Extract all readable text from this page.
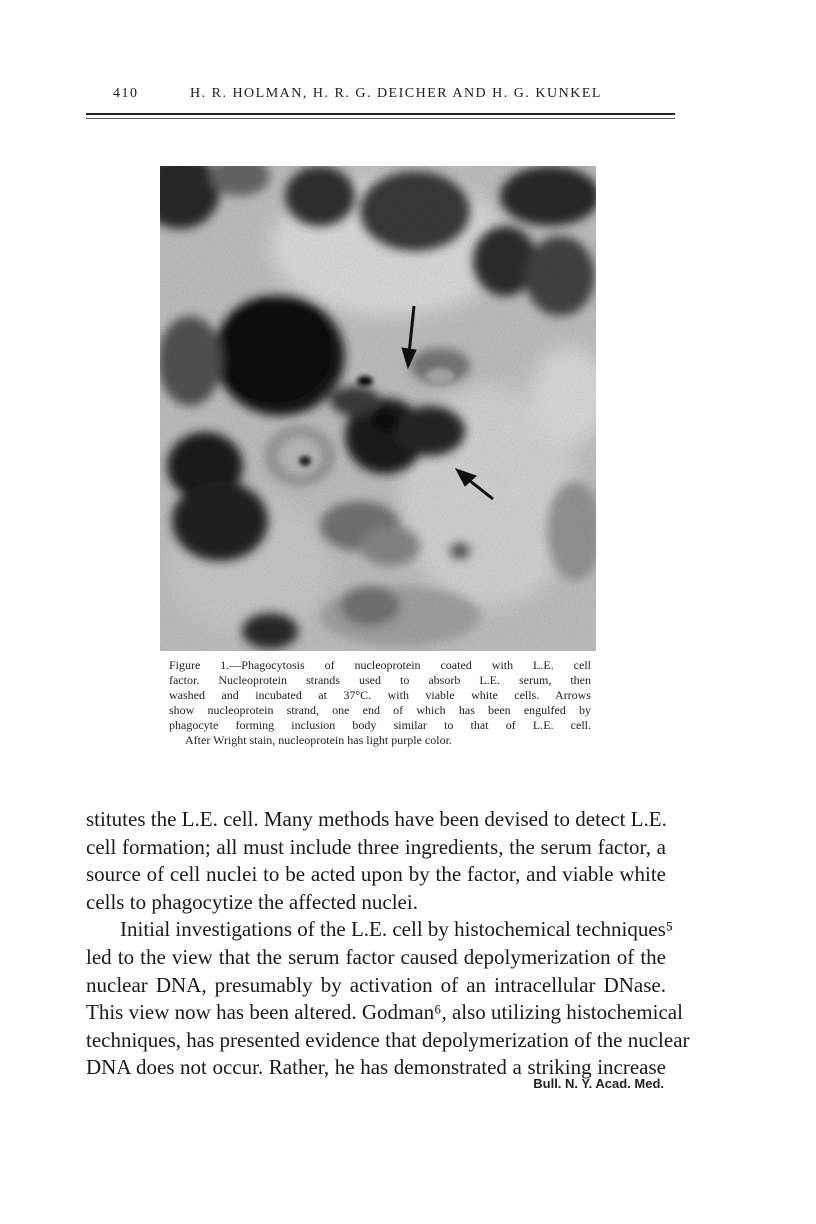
410	H. R. HOLMAN, H. R. G. DEICHER AND H. G. KUNKEL
Figure 1.—Phagocytosis of nucleoprotein coated with L.E. cell
factor. Nucleoprotein strands used to absorb L.E. serum, then
washed and incubated at 37°C. with viable white cells. Arrows
show nucleoprotein strand, one end of which has been engulfed by
phagocyte forming inclusion body similar to that of L.E. cell.
After Wright stain, nucleoprotein has light purple color.
stitutes the L.E. cell. Many methods have been devised to detect L.E.
cell formation; all must include three ingredients, the serum factor, a
source of cell nuclei to be acted upon by the factor, and viable white
cells to phagocytize the affected nuclei.
Initial investigations of the L.E. cell by histochemical techniques⁵
led to the view that the serum factor caused depolymerization of the
nuclear DNA, presumably by activation of an intracellular DNase.
This view now has been altered. Godman⁶, also utilizing histochemical
techniques, has presented evidence that depolymerization of the nuclear
DNA does not occur. Rather, he has demonstrated a striking increase
Bull. N. Y. Acad. Med.
